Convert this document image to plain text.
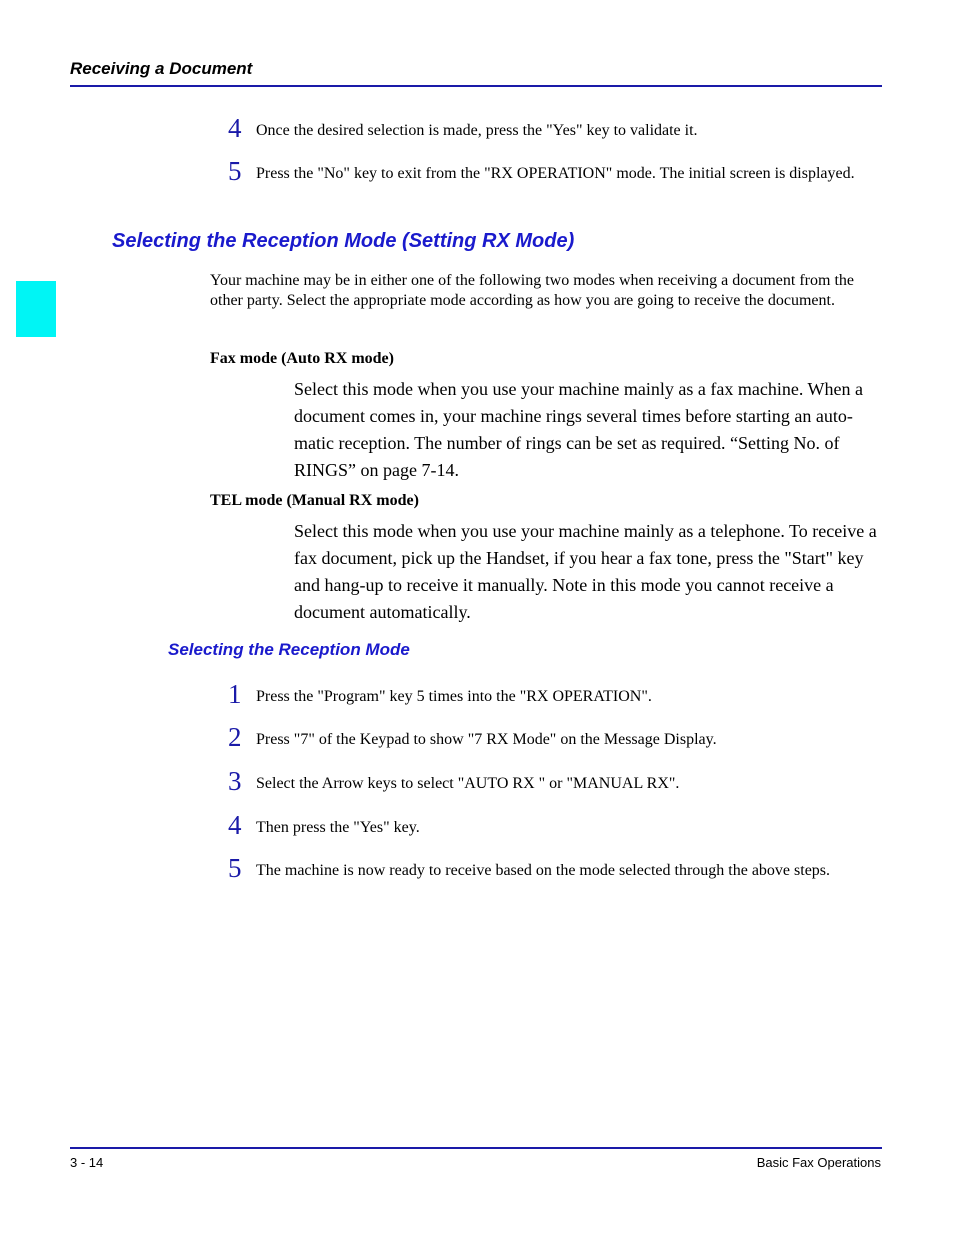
Receiving a Document
4 Once the desired selection is made, press the "Yes" key to validate it.
5 Press the "No" key to exit from the "RX OPERATION" mode. The initial screen is displayed.
Selecting the Reception Mode (Setting RX Mode)
Your machine may be in either one of the following two modes when receiving a document from the other party. Select the appropriate mode according as how you are going to receive the document.
Fax mode (Auto RX mode)
Select this mode when you use your machine mainly as a fax machine. When a document comes in, your machine rings several times before starting an auto-matic reception. The number of rings can be set as required. “Setting No. of RINGS” on page 7-14.
TEL mode (Manual RX mode)
Select this mode when you use your machine mainly as a telephone. To receive a fax document, pick up the Handset, if you hear a fax tone, press the "Start" key and hang-up to receive it manually. Note in this mode you cannot receive a document automatically.
Selecting the Reception Mode
1 Press the "Program" key 5 times into the "RX OPERATION".
2 Press "7" of the Keypad to show "7 RX Mode" on the Message Display.
3 Select the Arrow keys to select "AUTO RX " or "MANUAL RX".
4 Then press the "Yes" key.
5 The machine is now ready to receive based on the mode selected through the above steps.
3 - 14	Basic Fax Operations
